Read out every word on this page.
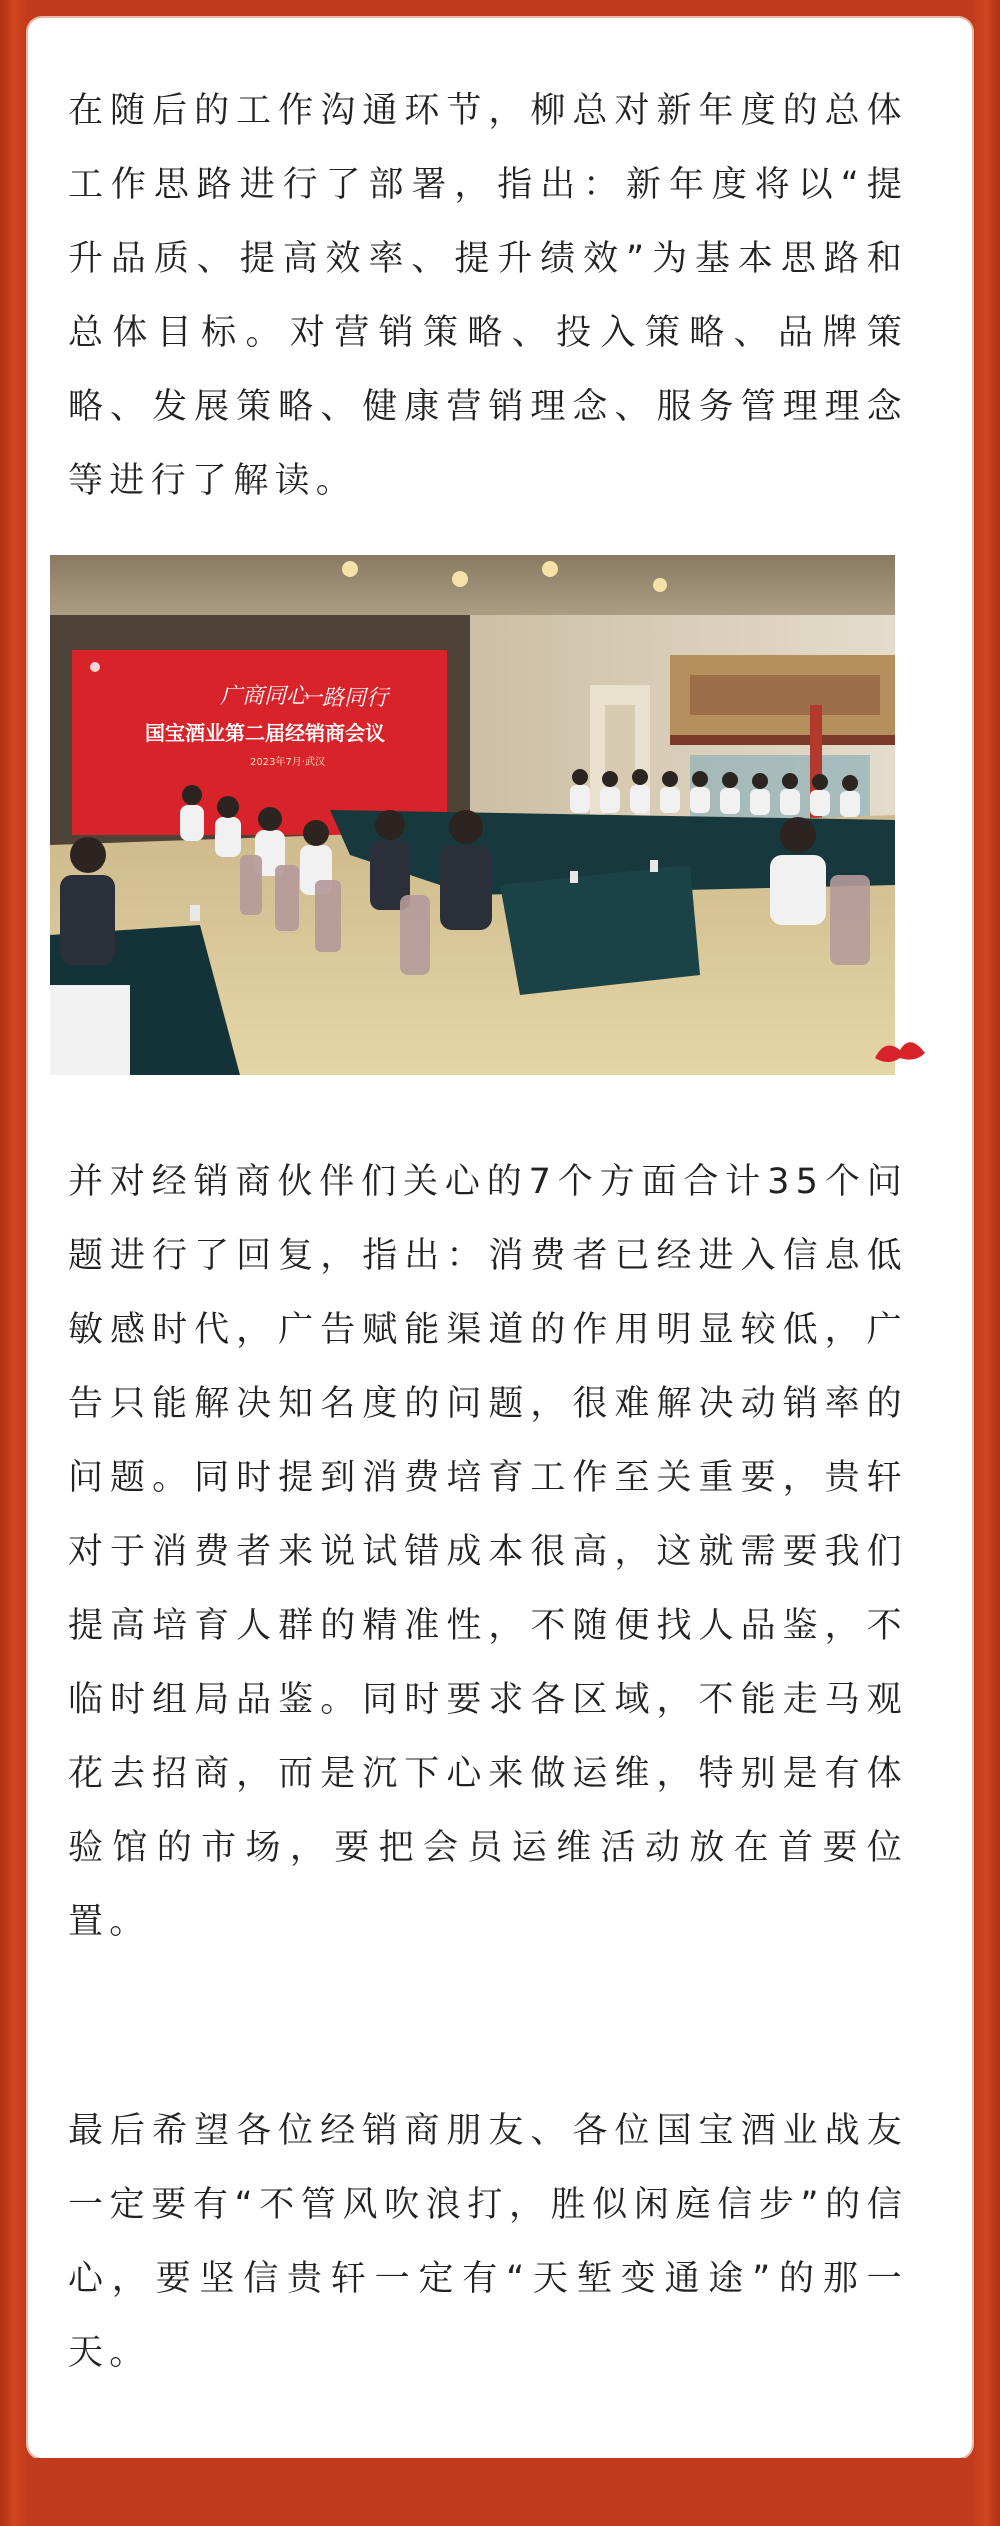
在随后的工作沟通环节，柳总对新年度的总体工作思路进行了部署，指出：新年度将以“提升品质、提高效率、提升绩效”为基本思路和总体目标。对营销策略、投入策略、品牌策略、发展策略、健康营销理念、服务管理理念等进行了解读。

广商同心
一路同行
国宝酒业第二届经销商会议
2023年7月·武汉

并对经销商伙伴们关心的7个方面合计35个问题进行了回复，指出：消费者已经进入信息低敏感时代，广告赋能渠道的作用明显较低，广告只能解决知名度的问题，很难解决动销率的问题。同时提到消费培育工作至关重要，贵轩对于消费者来说试错成本很高，这就需要我们提高培育人群的精准性，不随便找人品鉴，不临时组局品鉴。同时要求各区域，不能走马观花去招商，而是沉下心来做运维，特别是有体验馆的市场，要把会员运维活动放在首要位置。

最后希望各位经销商朋友、各位国宝酒业战友一定要有“不管风吹浪打，胜似闲庭信步”的信心，要坚信贵轩一定有“天堑变通途”的那一天。
